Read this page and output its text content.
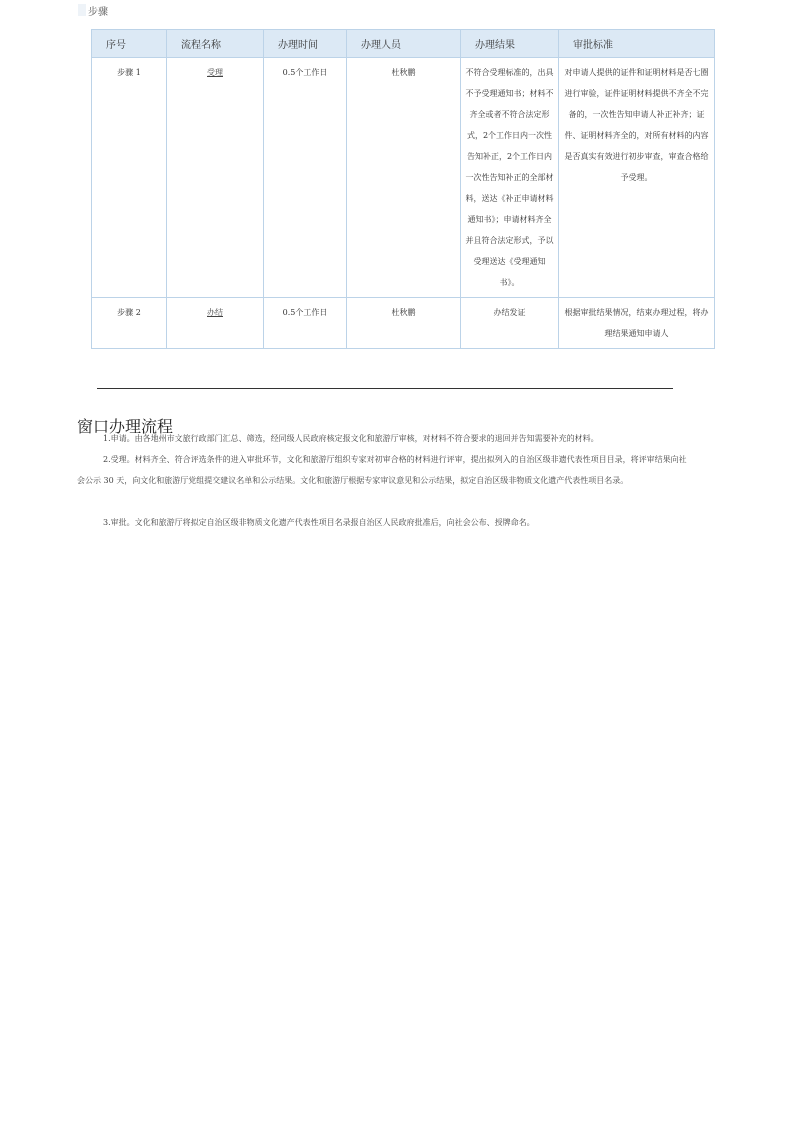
步骤
序号	流程名称	办理时间	办理人员	办理结果	审批标准
步骤 1	受理	0.5个工作日	杜秋鹏	不符合受理标准的，出具不予受理通知书；材料不齐全或者不符合法定形式，2个工作日内一次性告知补正，2个工作日内一次性告知补正的全部材料，送达《补正申请材料通知书》；申请材料齐全并且符合法定形式，予以受理送达《受理通知书》。	对申请人提供的证件和证明材料是否七圈进行审验，证件证明材料提供不齐全不完备的，一次性告知申请人补正补齐；证件、证明材料齐全的，对所有材料的内容是否真实有效进行初步审查，审查合格给予受理。
步骤 2	办结	0.5个工作日	杜秋鹏	办结发证	根据审批结果情况，结束办理过程，将办理结果通知申请人
窗口办理流程

1.申请。由各地州市文旅行政部门汇总、筛选，经同级人民政府核定报文化和旅游厅审核，对材料不符合要求的退回并告知需要补充的材料。

2.受理。材料齐全、符合评选条件的进入审批环节，文化和旅游厅组织专家对初审合格的材料进行评审，提出拟列入的自治区级非遗代表性项目目录，将评审结果向社会公示 30 天，向文化和旅游厅党组提交建议名单和公示结果。文化和旅游厅根据专家审议意见和公示结果，拟定自治区级非物质文化遗产代表性项目名录。

3.审批。文化和旅游厅将拟定自治区级非物质文化遗产代表性项目名录报自治区人民政府批准后，向社会公布、授牌命名。
